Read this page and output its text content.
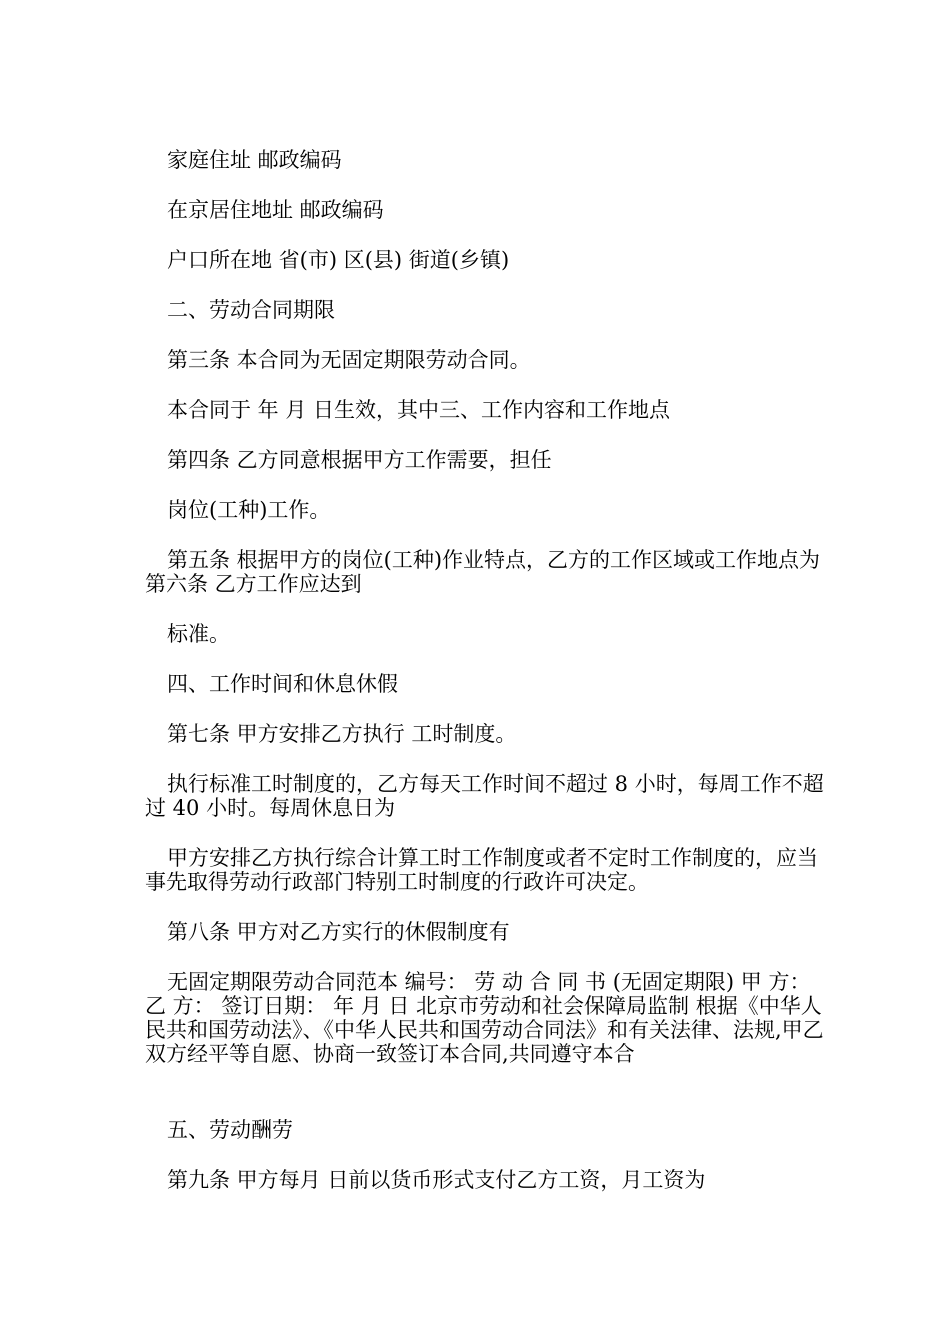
家庭住址 邮政编码

在京居住地址 邮政编码

户口所在地 省(市) 区(县) 街道(乡镇)

二、劳动合同期限

第三条 本合同为无固定期限劳动合同。

本合同于 年 月 日生效，其中三、工作内容和工作地点

第四条 乙方同意根据甲方工作需要，担任

岗位(工种)工作。

第五条 根据甲方的岗位(工种)作业特点，乙方的工作区域或工作地点为第六条 乙方工作应达到

标准。

四、工作时间和休息休假

第七条 甲方安排乙方执行 工时制度。

执行标准工时制度的，乙方每天工作时间不超过 8 小时，每周工作不超过 40 小时。每周休息日为

甲方安排乙方执行综合计算工时工作制度或者不定时工作制度的，应当事先取得劳动行政部门特别工时制度的行政许可决定。

第八条 甲方对乙方实行的休假制度有

无固定期限劳动合同范本 编号： 劳 动 合 同 书 (无固定期限) 甲 方： 乙 方： 签订日期： 年 月 日 北京市劳动和社会保障局监制 根据《中华人民共和国劳动法》、《中华人民共和国劳动合同法》和有关法律、法规,甲乙双方经平等自愿、协商一致签订本合同,共同遵守本合

五、劳动酬劳

第九条 甲方每月 日前以货币形式支付乙方工资，月工资为
